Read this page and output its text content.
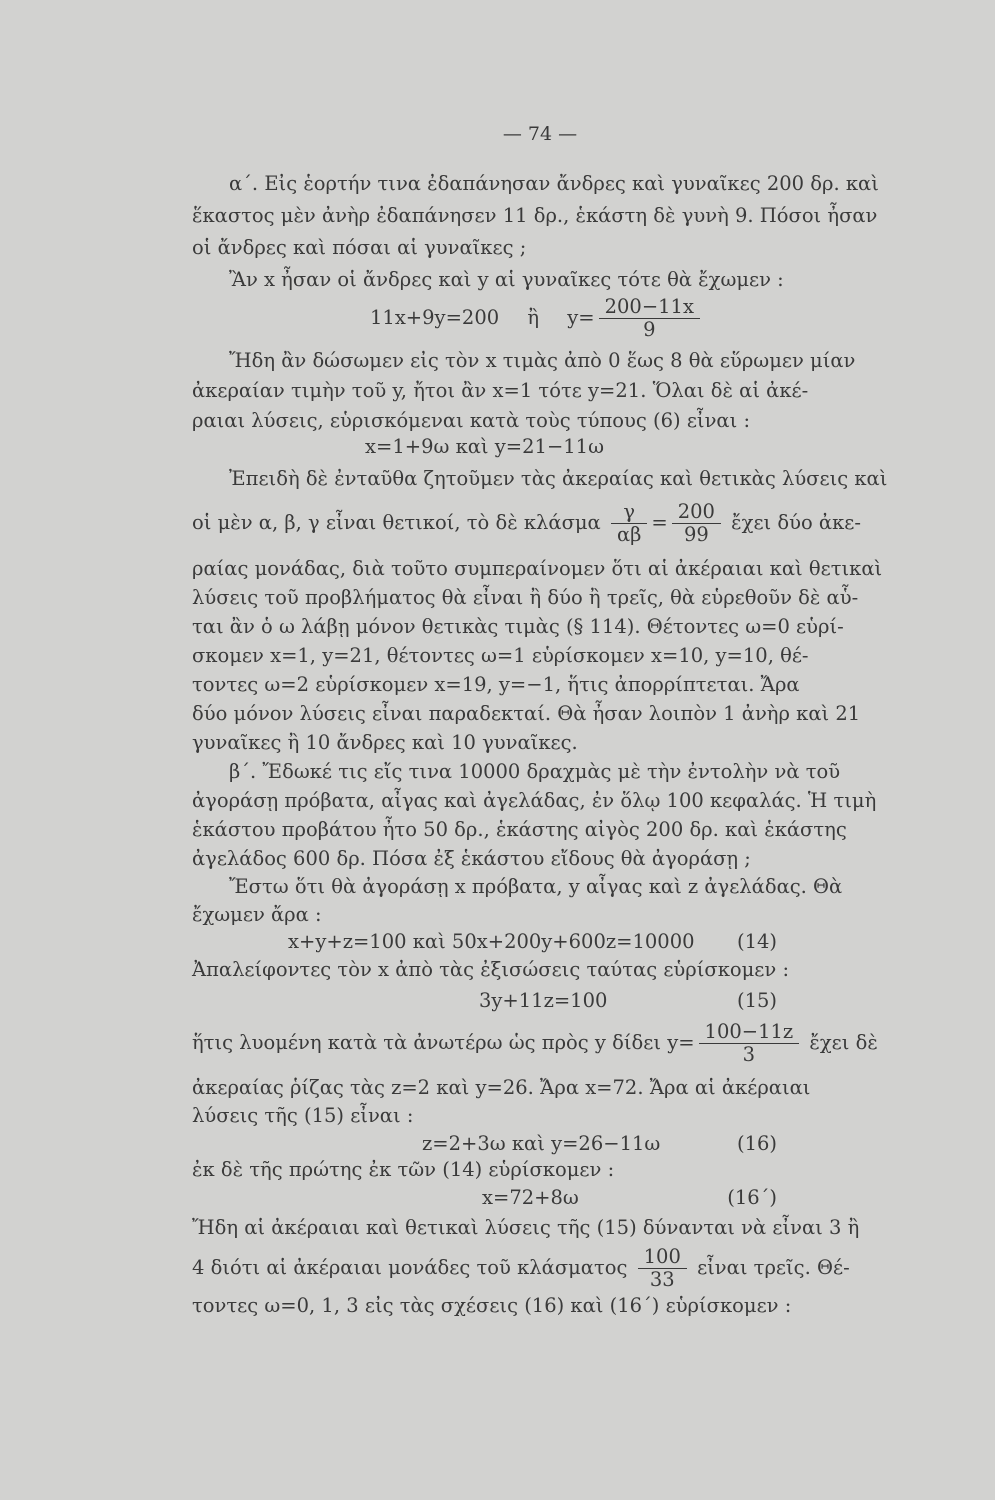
— 74 —
α΄. Εἰς ἑορτήν τινα ἐδαπάνησαν ἄνδρες καὶ γυναῖκες 200 δρ. καὶ
ἕκαστος μὲν ἀνὴρ ἐδαπάνησεν 11 δρ., ἑκάστη δὲ γυνὴ 9. Πόσοι ἦσαν
οἱ ἄνδρες καὶ πόσαι αἱ γυναῖκες ;
Ἂν x ἦσαν οἱ ἄνδρες καὶ y αἱ γυναῖκες τότε θὰ ἔχωμεν :
11x+9y=200 ἢ $y= \frac{200-11x}{9}$
Ἤδη ἂν δώσωμεν εἰς τὸν x τιμὰς ἀπὸ 0 ἕως 8 θὰ εὕρωμεν μίαν
ἀκεραίαν τιμὴν τοῦ y, ἤτοι ἂν x=1 τότε y=21. Ὅλαι δὲ αἱ ἀκέ-
ραιαι λύσεις, εὑρισκόμεναι κατὰ τοὺς τύπους (6) εἶναι :
x=1+9ω καὶ y=21−11ω
Ἐπειδὴ δὲ ἐνταῦθα ζητοῦμεν τὰς ἀκεραίας καὶ θετικὰς λύσεις καὶ
οἱ μὲν α, β, γ εἶναι θετικοί, τὸ δὲ κλάσμα $\frac{\gamma}{\alpha\beta} = \frac{200}{99}$ ἔχει δύο ἀκε-
ραίας μονάδας, διὰ τοῦτο συμπεραίνομεν ὅτι αἱ ἀκέραιαι καὶ θετικαὶ
λύσεις τοῦ προβλήματος θὰ εἶναι ἢ δύο ἢ τρεῖς, θὰ εὑρεθοῦν δὲ αὗ-
ται ἂν ὁ ω λάβῃ μόνον θετικὰς τιμὰς (§ 114). Θέτοντες ω=0 εὑρί-
σκομεν x=1, y=21, θέτοντες ω=1 εὑρίσκομεν x=10, y=10, θέ-
τοντες ω=2 εὑρίσκομεν x=19, y=−1, ἥτις ἀπορρίπτεται. Ἄρα
δύο μόνον λύσεις εἶναι παραδεκταί. Θὰ ἦσαν λοιπὸν 1 ἀνὴρ καὶ 21
γυναῖκες ἢ 10 ἄνδρες καὶ 10 γυναῖκες.
β΄. Ἔδωκέ τις εἴς τινα 10000 δραχμὰς μὲ τὴν ἐντολὴν νὰ τοῦ
ἀγοράσῃ πρόβατα, αἶγας καὶ ἀγελάδας, ἐν ὅλῳ 100 κεφαλάς. Ἡ τιμὴ
ἑκάστου προβάτου ἦτο 50 δρ., ἑκάστης αἰγὸς 200 δρ. καὶ ἑκάστης
ἀγελάδος 600 δρ. Πόσα ἐξ ἑκάστου εἴδους θὰ ἀγοράσῃ ;
Ἔστω ὅτι θὰ ἀγοράσῃ x πρόβατα, y αἶγας καὶ z ἀγελάδας. Θὰ
ἔχωμεν ἄρα :
x+y+z=100 καὶ 50x+200y+600z=10000 (14)
Ἀπαλείφοντες τὸν x ἀπὸ τὰς ἐξισώσεις ταύτας εὑρίσκομεν :
3y+11z=100	(15)
ἥτις λυομένη κατὰ τὰ ἀνωτέρω ὡς πρὸς y δίδει $y= \frac{100-11z}{3}$ ἔχει δὲ
ἀκεραίας ῥίζας τὰς z=2 καὶ y=26. Ἄρα x=72. Ἄρα αἱ ἀκέραιαι
λύσεις τῆς (15) εἶναι :
z=2+3ω καὶ y=26−11ω	(16)
ἐκ δὲ τῆς πρώτης ἐκ τῶν (14) εὑρίσκομεν :
x=72+8ω	(16΄)
Ἤδη αἱ ἀκέραιαι καὶ θετικαὶ λύσεις τῆς (15) δύνανται νὰ εἶναι 3 ἢ
4 διότι αἱ ἀκέραιαι μονάδες τοῦ κλάσματος $\frac{100}{33}$ εἶναι τρεῖς. Θέ-
τοντες ω=0, 1, 3 εἰς τὰς σχέσεις (16) καὶ (16΄) εὑρίσκομεν :
